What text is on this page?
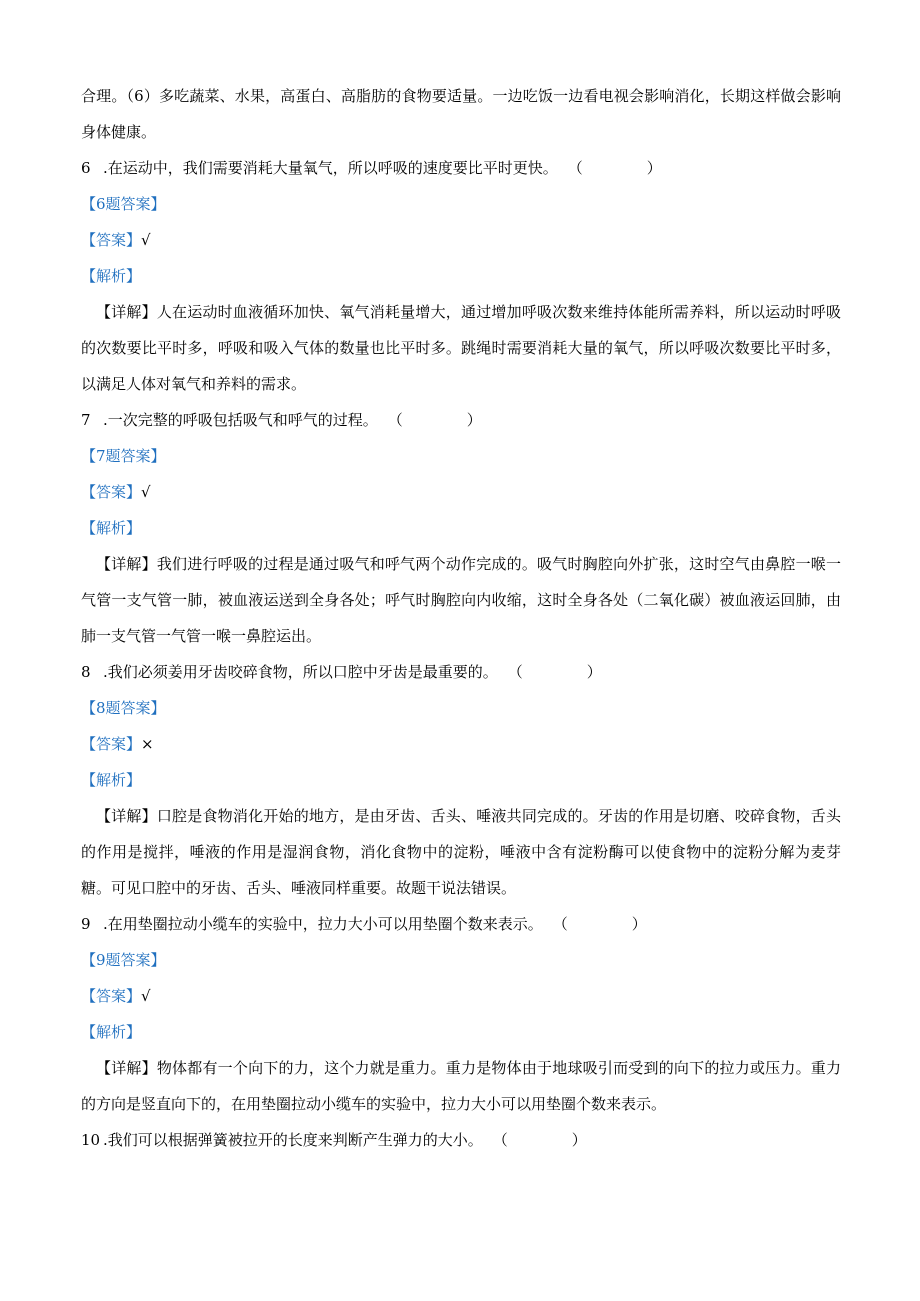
合理。（6）多吃蔬菜、水果，高蛋白、高脂肪的食物要适量。一边吃饭一边看电视会影响消化，长期这样做会影响身体健康。
6 .在运动中，我们需要消耗大量氧气，所以呼吸的速度要比平时更快。 （	）
【6题答案】
【答案】√
【解析】
【详解】人在运动时血液循环加快、氧气消耗量增大，通过增加呼吸次数来维持体能所需养料，所以运动时呼吸的次数要比平时多，呼吸和吸入气体的数量也比平时多。跳绳时需要消耗大量的氧气，所以呼吸次数要比平时多，以满足人体对氧气和养料的需求。
7 .一次完整的呼吸包括吸气和呼气的过程。 （	）
【7题答案】
【答案】√
【解析】
【详解】我们进行呼吸的过程是通过吸气和呼气两个动作完成的。吸气时胸腔向外扩张，这时空气由鼻腔一喉一气管一支气管一肺，被血液运送到全身各处；呼气时胸腔向内收缩，这时全身各处（二氧化碳）被血液运回肺，由肺一支气管一气管一喉一鼻腔运出。
8 .我们必须姜用牙齿咬碎食物，所以口腔中牙齿是最重要的。 （	）
【8题答案】
【答案】×
【解析】
【详解】口腔是食物消化开始的地方，是由牙齿、舌头、唾液共同完成的。牙齿的作用是切磨、咬碎食物，舌头的作用是搅拌，唾液的作用是湿润食物，消化食物中的淀粉，唾液中含有淀粉酶可以使食物中的淀粉分解为麦芽糖。可见口腔中的牙齿、舌头、唾液同样重要。故题干说法错误。
9 .在用垫圈拉动小缆车的实验中，拉力大小可以用垫圈个数来表示。 （	）
【9题答案】
【答案】√
【解析】
【详解】物体都有一个向下的力，这个力就是重力。重力是物体由于地球吸引而受到的向下的拉力或压力。重力的方向是竖直向下的，在用垫圈拉动小缆车的实验中，拉力大小可以用垫圈个数来表示。
10 .我们可以根据弹簧被拉开的长度来判断产生弹力的大小。 （	）
